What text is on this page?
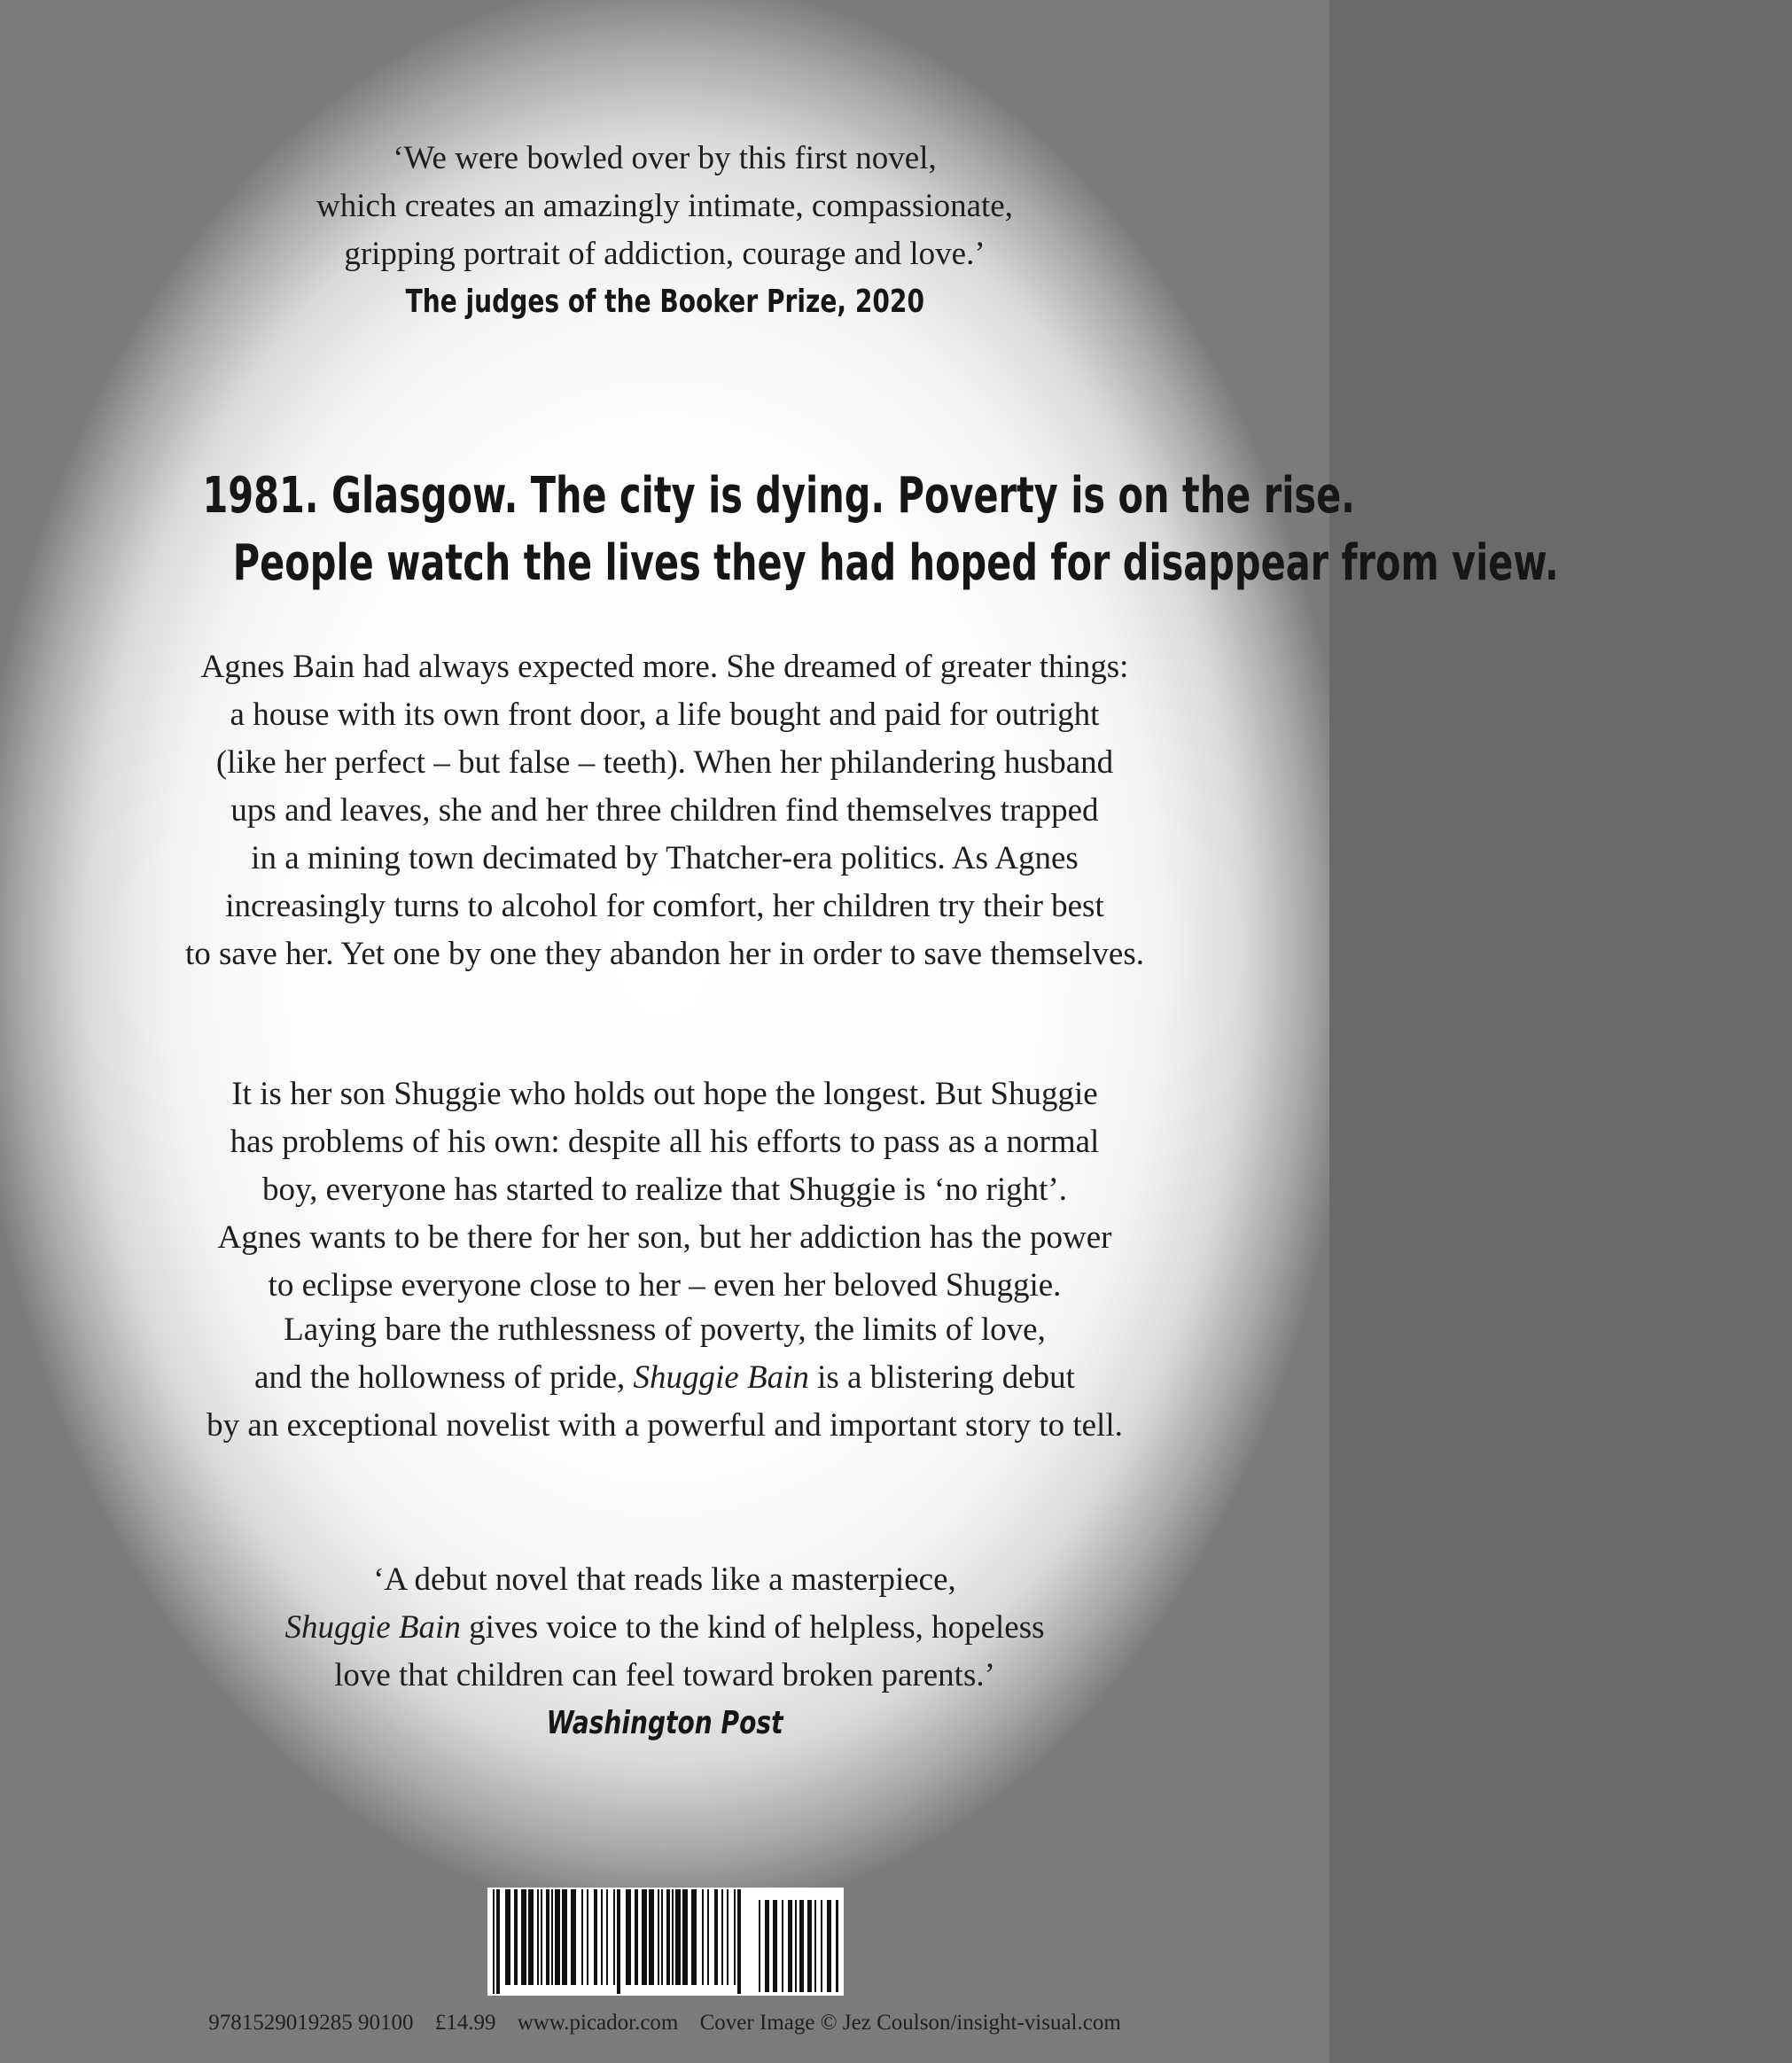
‘We were bowled over by this first novel,
which creates an amazingly intimate, compassionate,
gripping portrait of addiction, courage and love.’
The judges of the Booker Prize, 2020
1981. Glasgow. The city is dying. Poverty is on the rise.
People watch the lives they had hoped for disappear from view.
Agnes Bain had always expected more. She dreamed of greater things:
a house with its own front door, a life bought and paid for outright
(like her perfect – but false – teeth). When her philandering husband
ups and leaves, she and her three children find themselves trapped
in a mining town decimated by Thatcher-era politics. As Agnes
increasingly turns to alcohol for comfort, her children try their best
to save her. Yet one by one they abandon her in order to save themselves.
It is her son Shuggie who holds out hope the longest. But Shuggie
has problems of his own: despite all his efforts to pass as a normal
boy, everyone has started to realize that Shuggie is ‘no right’.
Agnes wants to be there for her son, but her addiction has the power
to eclipse everyone close to her – even her beloved Shuggie.
Laying bare the ruthlessness of poverty, the limits of love,
and the hollowness of pride, Shuggie Bain is a blistering debut
by an exceptional novelist with a powerful and important story to tell.
‘A debut novel that reads like a masterpiece,
Shuggie Bain gives voice to the kind of helpless, hopeless
love that children can feel toward broken parents.’
Washington Post
9781529019285 90100 £14.99 www.picador.com Cover Image © Jez Coulson/insight-visual.com
